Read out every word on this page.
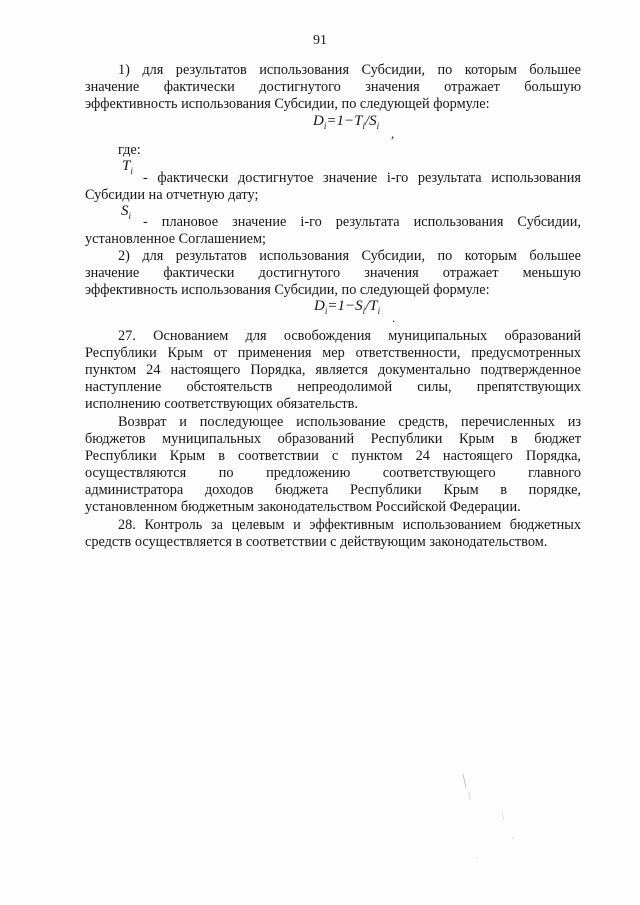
91
1) для результатов использования Субсидии, по которым большее
значение фактически достигнутого значения отражает большую
эффективность использования Субсидии, по следующей формуле:
$D_i=1-T_i/S_i$ ,
где:
$T_i$ - фактически достигнутое значение i-го результата использования
Субсидии на отчетную дату;
$S_i$ - плановое значение i-го результата использования Субсидии,
установленное Соглашением;
2) для результатов использования Субсидии, по которым большее
значение фактически достигнутого значения отражает меньшую
эффективность использования Субсидии, по следующей формуле:
$D_i=1-S_i/T_i$ .
27. Основанием для освобождения муниципальных образований
Республики Крым от применения мер ответственности, предусмотренных
пунктом 24 настоящего Порядка, является документально подтвержденное
наступление обстоятельств непреодолимой силы, препятствующих
исполнению соответствующих обязательств.
Возврат и последующее использование средств, перечисленных из
бюджетов муниципальных образований Республики Крым в бюджет
Республики Крым в соответствии с пунктом 24 настоящего Порядка,
осуществляются по предложению соответствующего главного
администратора доходов бюджета Республики Крым в порядке,
установленном бюджетным законодательством Российской Федерации.
28. Контроль за целевым и эффективным использованием бюджетных
средств осуществляется в соответствии с действующим законодательством.
